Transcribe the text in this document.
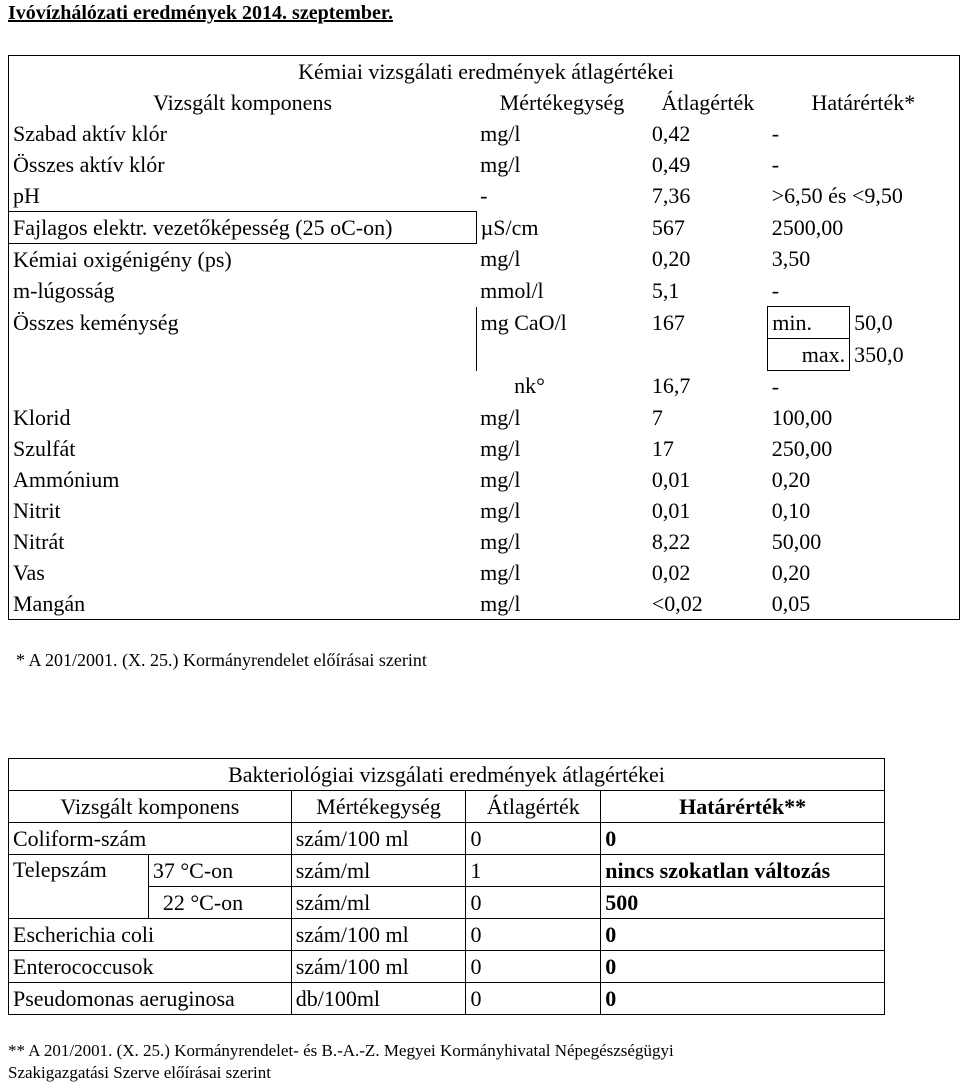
Ivóvízhálózati eredmények 2014. szeptember.
Kémiai vizsgálati eredmények átlagértékei				
Vizsgált komponens	Mértékegység	Átlagérték	Határérték*	
Szabad aktív klór	mg/l	0,42	-	
Összes aktív klór	mg/l	0,49	-	
pH	-	7,36	>6,50 és <9,50	
Fajlagos elektr. vezetőképesség (25 oC-on)	µS/cm	567	2500,00	
Kémiai oxigénigény (ps)	mg/l	0,20	3,50	
m-lúgosság	mmol/l	5,1	-	
Összes keménység	mg CaO/l	167	min.	50,0
			max.	350,0
	nk°	16,7	-	
Klorid	mg/l	7	100,00	
Szulfát	mg/l	17	250,00	
Ammónium	mg/l	0,01	0,20	
Nitrit	mg/l	0,01	0,10	
Nitrát	mg/l	8,22	50,00	
Vas	mg/l	0,02	0,20	
Mangán	mg/l	<0,02	0,05	
* A 201/2001. (X. 25.) Kormányrendelet előírásai szerint
Bakteriológiai vizsgálati eredmények átlagértékei				
Vizsgált komponens		Mértékegység	Átlagérték	Határérték**
Coliform-szám		szám/100 ml	0	0
Telepszám	37 °C-on	szám/ml	1	nincs szokatlan változás
	22 °C-on	szám/ml	0	500
Escherichia coli		szám/100 ml	0	0
Enterococcusok		szám/100 ml	0	0
Pseudomonas aeruginosa		db/100ml	0	0
** A 201/2001. (X. 25.) Kormányrendelet- és B.-A.-Z. Megyei Kormányhivatal Népegészségügyi
Szakigazgatási Szerve előírásai szerint
